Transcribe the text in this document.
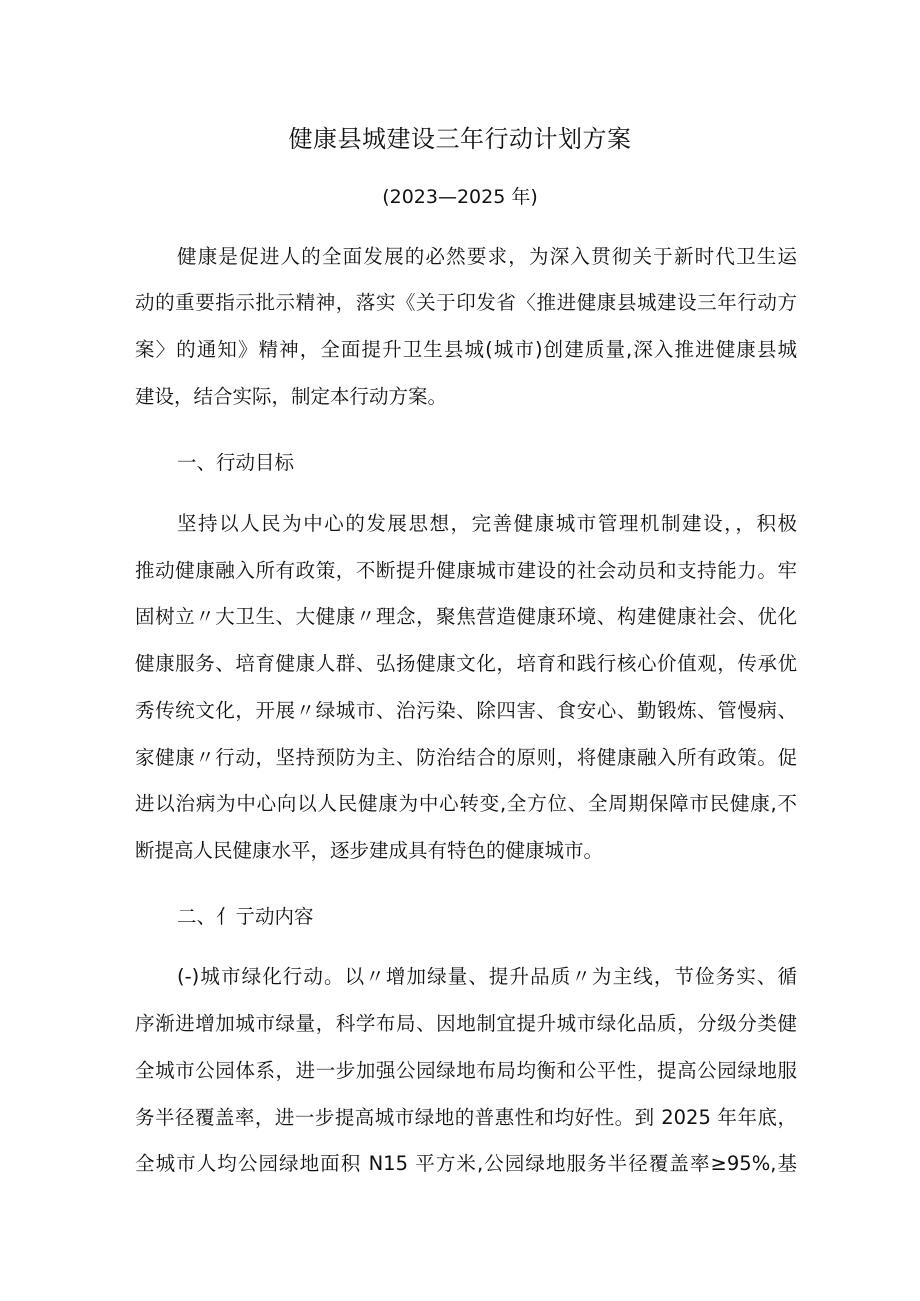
健康县城建设三年行动计划方案
(2023—2025 年)
健康是促进人的全面发展的必然要求，为深入贯彻关于新时代卫生运
动的重要指示批示精神，落实《关于印发省〈推进健康县城建设三年行动方
案〉的通知》精神，全面提升卫生县城(城市)创建质量,深入推进健康县城
建设，结合实际，制定本行动方案。
一、行动目标
坚持以人民为中心的发展思想，完善健康城市管理机制建设，，积极
推动健康融入所有政策，不断提升健康城市建设的社会动员和支持能力。牢
固树立〃大卫生、大健康〃理念，聚焦营造健康环境、构建健康社会、优化
健康服务、培育健康人群、弘扬健康文化，培育和践行核心价值观，传承优
秀传统文化，开展〃绿城市、治污染、除四害、食安心、勤锻炼、管慢病、
家健康〃行动，坚持预防为主、防治结合的原则，将健康融入所有政策。促
进以治病为中心向以人民健康为中心转变,全方位、全周期保障市民健康,不
断提高人民健康水平，逐步建成具有特色的健康城市。
二、亻亍动内容
(-)城市绿化行动。以〃增加绿量、提升品质〃为主线，节俭务实、循
序渐进增加城市绿量，科学布局、因地制宜提升城市绿化品质，分级分类健
全城市公园体系，进一步加强公园绿地布局均衡和公平性，提高公园绿地服
务半径覆盖率，进一步提高城市绿地的普惠性和均好性。到 2025 年年底，
全城市人均公园绿地面积 N15 平方米,公园绿地服务半径覆盖率≥95%,基
